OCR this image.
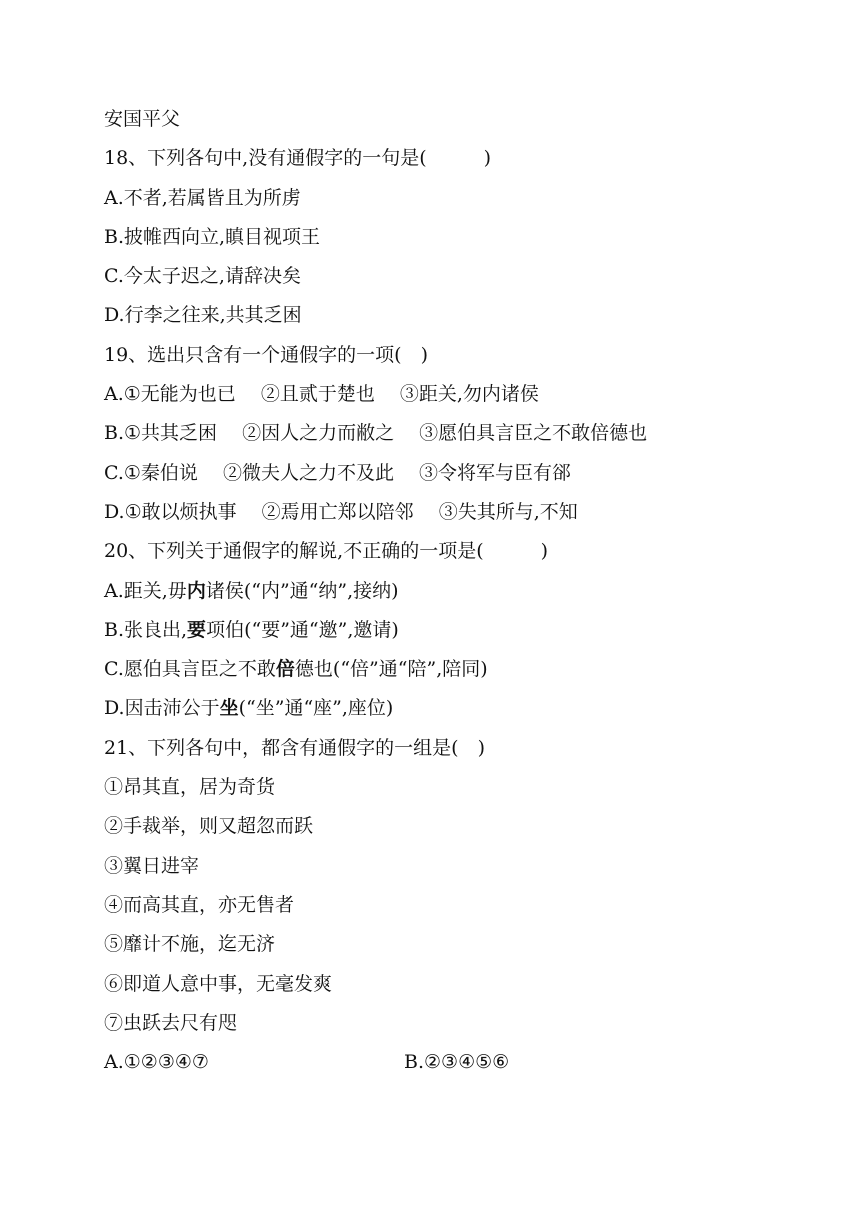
安国平父
18、下列各句中,没有通假字的一句是(　　　)
A.不者,若属皆且为所虏
B.披帷西向立,瞋目视项王
C.今太子迟之,请辞决矣
D.行李之往来,共其乏困
19、选出只含有一个通假字的一项(　)
A.①无能为也已　 ②且贰于楚也 　③距关,勿内诸侯
B.①共其乏困 　②因人之力而敝之 　③愿伯具言臣之不敢倍德也
C.①秦伯说 　②微夫人之力不及此　 ③令将军与臣有郤
D.①敢以烦执事　 ②焉用亡郑以陪邻 　③失其所与,不知
20、下列关于通假字的解说,不正确的一项是(　　　)
A.距关,毋内诸侯(“内”通“纳”,接纳)
B.张良出,要项伯(“要”通“邀”,邀请)
C.愿伯具言臣之不敢倍德也(“倍”通“陪”,陪同)
D.因击沛公于坐(“坐”通“座”,座位)
21、下列各句中，都含有通假字的一组是(　)
①昂其直，居为奇货
②手裁举，则又超忽而跃
③翼日进宰
④而高其直，亦无售者
⑤靡计不施，迄无济
⑥即道人意中事，无毫发爽
⑦虫跃去尺有咫
A.①②③④⑦	B.②③④⑤⑥
